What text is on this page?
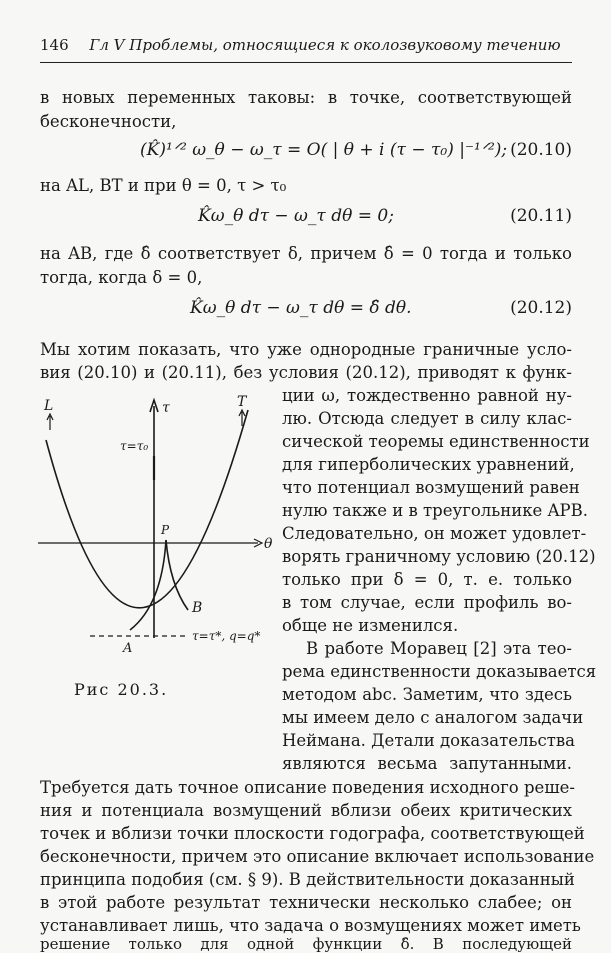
146 Гл V Проблемы, относящиеся к околозвуковому течению
в новых переменных таковы: в точке, соответствующей
бесконечности,
(K̂)¹ᐟ² ω_θ − ω_τ = O( | θ + i (τ − τ₀) |⁻¹ᐟ²); (20.10)
на AL, BT и при θ = 0, τ > τ₀
K̂ω_θ dτ − ω_τ dθ = 0;	(20.11)
на AB, где δ̂ соответствует δ, причем δ̂ = 0 тогда и только
тогда, когда δ = 0,
K̂ω_θ dτ − ω_τ dθ = δ̂ dθ.	(20.12)
Мы хотим показать, что уже однородные граничные усло-
вия (20.10) и (20.11), без условия (20.12), приводят к функ-
ции ω, тождественно равной ну-
лю. Отсюда следует в силу клас-
сической теоремы единственности
для гиперболических уравнений,
что потенциал возмущений равен
нулю также и в треугольнике APB.
Следовательно, он может удовлет-
ворять граничному условию (20.12)
только при δ = 0, т. е. только
в том случае, если профиль во-
обще не изменился.
В работе Моравец [2] эта тео-
рема единственности доказывается
методом abc. Заметим, что здесь
мы имеем дело с аналогом задачи
Неймана. Детали доказательства
являются весьма запутанными.
Требуется дать точное описание поведения исходного реше-
ния и потенциала возмущений вблизи обеих критических
точек и вблизи точки плоскости годографа, соответствующей
бесконечности, причем это описание включает использование
принципа подобия (см. § 9). В действительности доказанный
в этой работе результат технически несколько слабее; он
устанавливает лишь, что задача о возмущениях может иметь
решение только для одной функции δ̂. В последующей
L	τ	T
τ=τ₀
θ
P
B
A
τ=τ*, q=q*
Рис 20.3.
